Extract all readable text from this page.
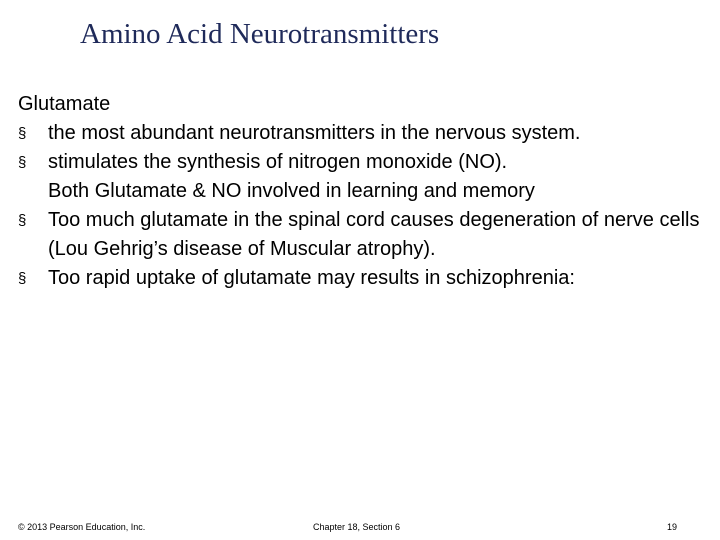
Amino Acid Neurotransmitters

Glutamate

§	the most abundant neurotransmitters in the nervous system.

§	stimulates the synthesis of nitrogen monoxide (NO).

Both Glutamate & NO involved in learning and memory

§	Too much glutamate in the spinal cord causes degeneration of nerve cells (Lou Gehrig’s disease of Muscular atrophy).

§	Too rapid uptake of glutamate may results in schizophrenia:

© 2013 Pearson Education, Inc.	Chapter 18, Section 6	19
